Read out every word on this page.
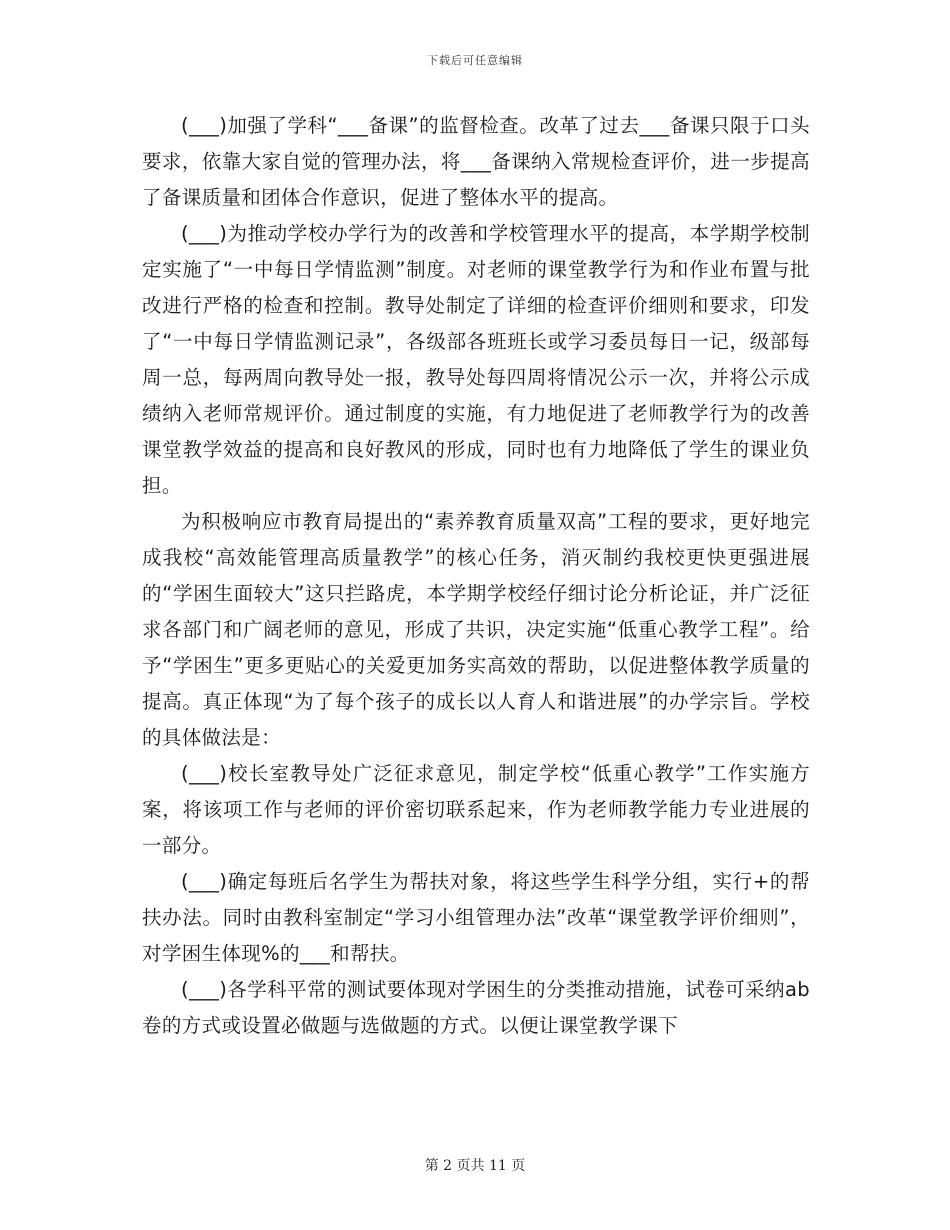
下载后可任意编辑

(___)加强了学科“___备课”的监督检查。改革了过去___备课只限于口头要求，依靠大家自觉的管理办法，将___备课纳入常规检查评价，进一步提高了备课质量和团体合作意识，促进了整体水平的提高。

(___)为推动学校办学行为的改善和学校管理水平的提高，本学期学校制定实施了“一中每日学情监测”制度。对老师的课堂教学行为和作业布置与批改进行严格的检查和控制。教导处制定了详细的检查评价细则和要求，印发了“一中每日学情监测记录”，各级部各班班长或学习委员每日一记，级部每周一总，每两周向教导处一报，教导处每四周将情况公示一次，并将公示成绩纳入老师常规评价。通过制度的实施，有力地促进了老师教学行为的改善课堂教学效益的提高和良好教风的形成，同时也有力地降低了学生的课业负担。

为积极响应市教育局提出的“素养教育质量双高”工程的要求，更好地完成我校“高效能管理高质量教学”的核心任务，消灭制约我校更快更强进展的“学困生面较大”这只拦路虎，本学期学校经仔细讨论分析论证，并广泛征求各部门和广阔老师的意见，形成了共识，决定实施“低重心教学工程”。给予“学困生”更多更贴心的关爱更加务实高效的帮助，以促进整体教学质量的提高。真正体现“为了每个孩子的成长以人育人和谐进展”的办学宗旨。学校的具体做法是：

(___)校长室教导处广泛征求意见，制定学校“低重心教学”工作实施方案，将该项工作与老师的评价密切联系起来，作为老师教学能力专业进展的一部分。

(___)确定每班后名学生为帮扶对象，将这些学生科学分组，实行+的帮扶办法。同时由教科室制定“学习小组管理办法”改革“课堂教学评价细则”，对学困生体现%的___和帮扶。

(___)各学科平常的测试要体现对学困生的分类推动措施，试卷可采纳ab卷的方式或设置必做题与选做题的方式。以便让课堂教学课下

第 2 页共 11 页
